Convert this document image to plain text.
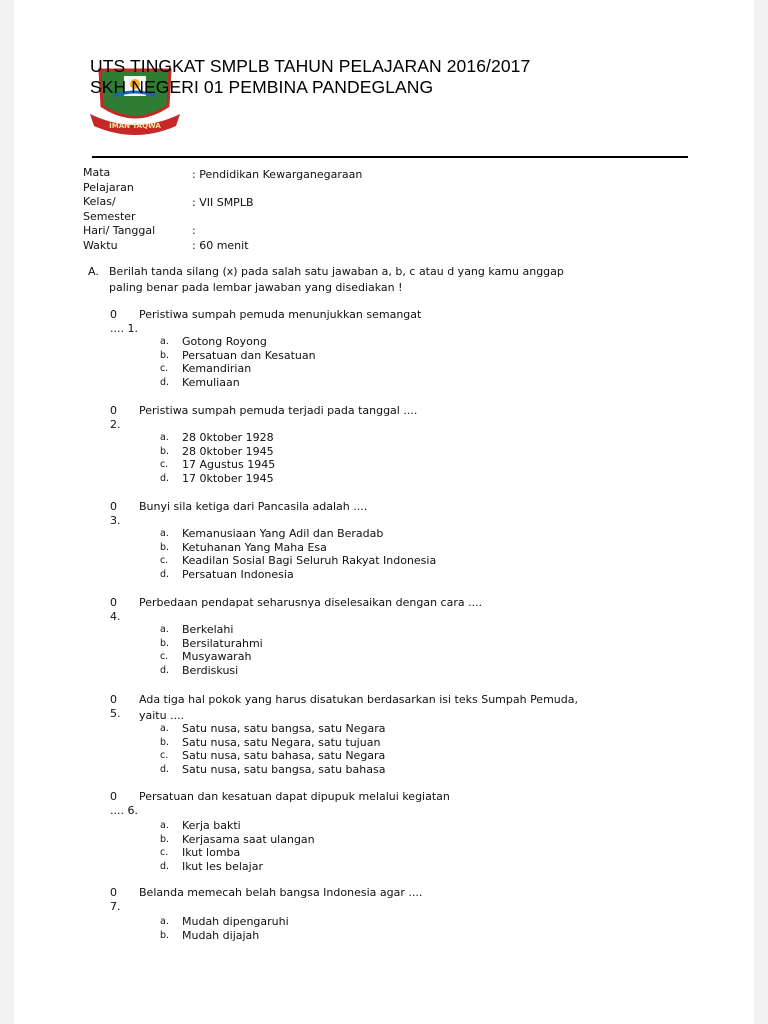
IMAN TAQWA
UTS TINGKAT SMPLB TAHUN PELAJARAN 2016/2017
SKH NEGERI 01 PEMBINA PANDEGLANG
Mata	: Pendidikan Kewarganegaraan
Pelajaran
Kelas/	: VII SMPLB
Semester
Hari/ Tanggal	:
Waktu	: 60 menit
A. Berilah tanda silang (x) pada salah satu jawaban a, b, c atau d yang kamu anggap
paling benar pada lembar jawaban yang disediakan !
0 Peristiwa sumpah pemuda menunjukkan semangat
.... 1.
a. Gotong Royong
b. Persatuan dan Kesatuan
c. Kemandirian
d. Kemuliaan
0 Peristiwa sumpah pemuda terjadi pada tanggal ....
2.
a. 28 0ktober 1928
b. 28 0ktober 1945
c. 17 Agustus 1945
d. 17 0ktober 1945
0 Bunyi sila ketiga dari Pancasila adalah ....
3.
a. Kemanusiaan Yang Adil dan Beradab
b. Ketuhanan Yang Maha Esa
c. Keadilan Sosial Bagi Seluruh Rakyat Indonesia
d. Persatuan Indonesia
0 Perbedaan pendapat seharusnya diselesaikan dengan cara ....
4.
a. Berkelahi
b. Bersilaturahmi
c. Musyawarah
d. Berdiskusi
0 Ada tiga hal pokok yang harus disatukan berdasarkan isi teks Sumpah Pemuda,
5. yaitu ....
a. Satu nusa, satu bangsa, satu Negara
b. Satu nusa, satu Negara, satu tujuan
c. Satu nusa, satu bahasa, satu Negara
d. Satu nusa, satu bangsa, satu bahasa
0 Persatuan dan kesatuan dapat dipupuk melalui kegiatan
.... 6.
a. Kerja bakti
b. Kerjasama saat ulangan
c. Ikut lomba
d. Ikut les belajar
0 Belanda memecah belah bangsa Indonesia agar ....
7.
a. Mudah dipengaruhi
b. Mudah dijajah
